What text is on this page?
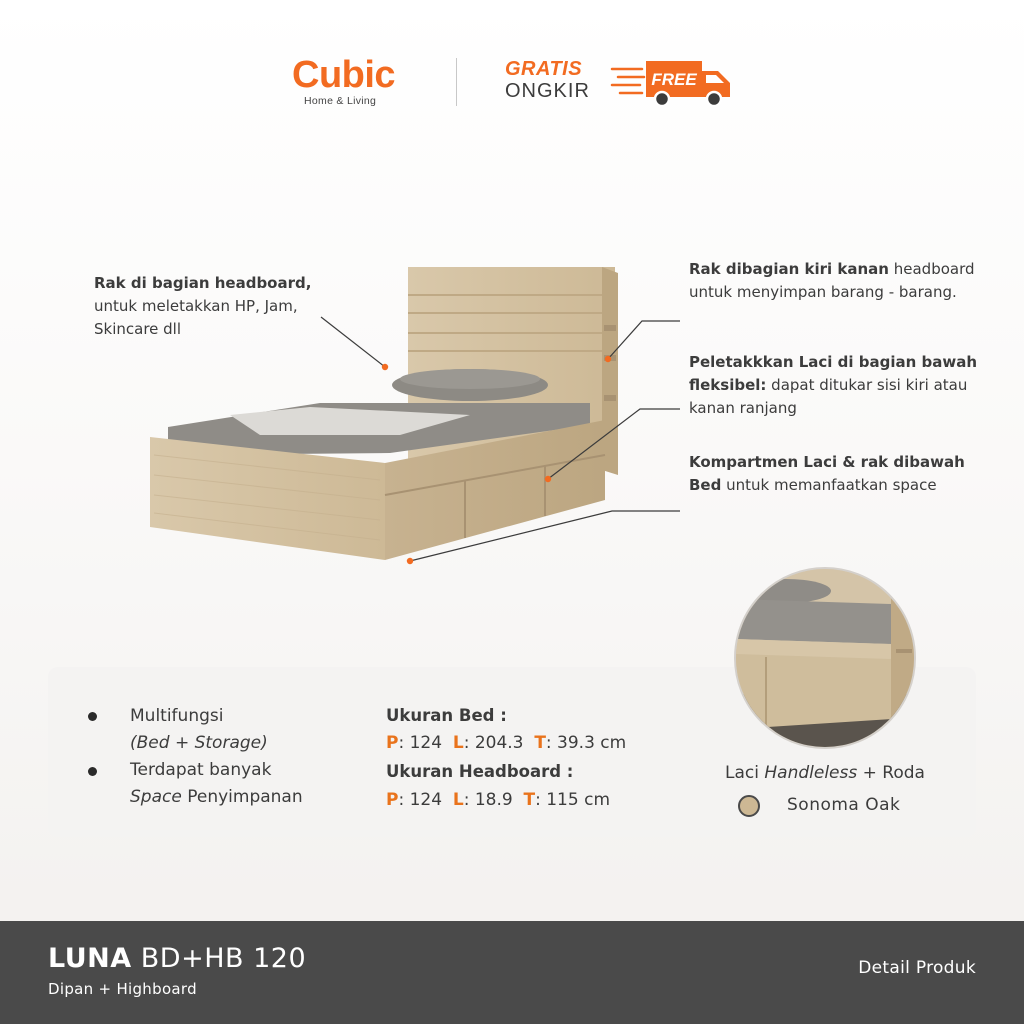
Cubic
Home & Living
GRATIS
ONGKIR
FREE
Rak di bagian headboard, untuk meletakkan HP, Jam, Skincare dll
Rak dibagian kiri kanan headboard untuk menyimpan barang - barang.
Peletakkkan Laci di bagian bawah fleksibel: dapat ditukar sisi kiri atau kanan ranjang
Kompartmen Laci & rak dibawah Bed untuk memanfaatkan space
Multifungsi
(Bed + Storage)
Terdapat banyak
Space Penyimpanan
Ukuran Bed :
P: 124  L: 204.3  T: 39.3 cm
Ukuran Headboard :
P: 124  L: 18.9  T: 115 cm
Laci Handleless + Roda
Sonoma Oak
LUNA BD+HB 120
Dipan + Highboard
Detail Produk
